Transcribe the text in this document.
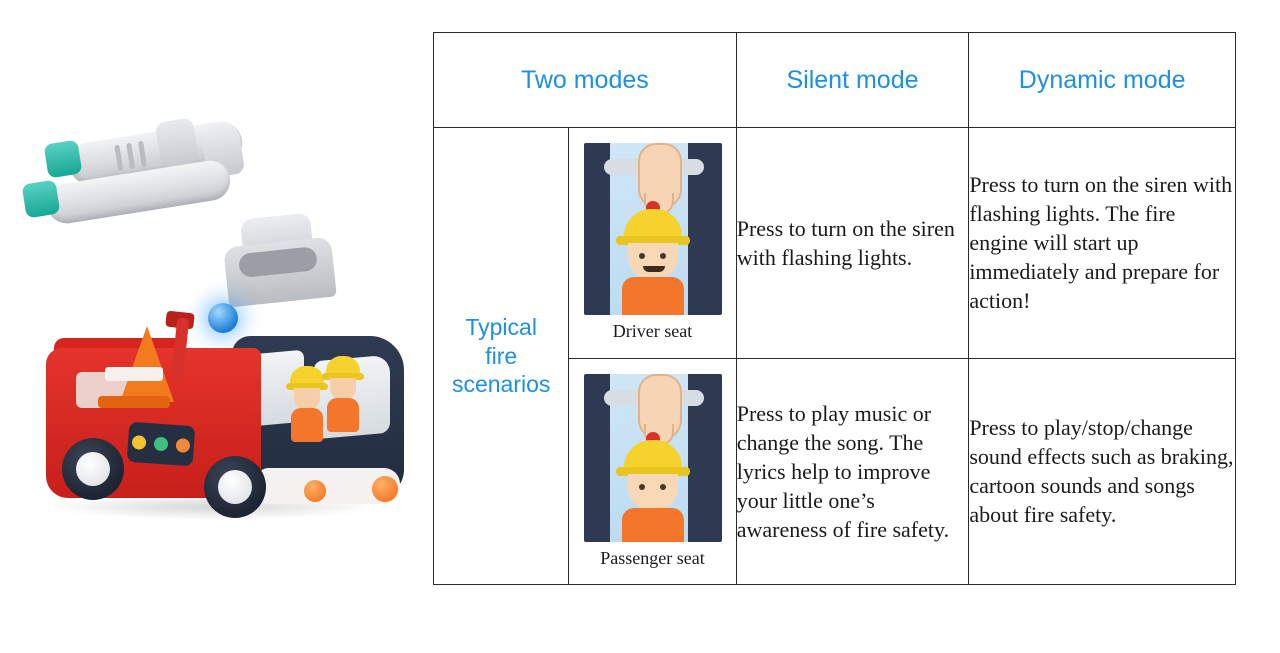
Two modes		Silent mode	Dynamic mode

Typical
fire
scenarios	Driver seat	Press to turn on the siren with flashing lights.	Press to turn on the siren with flashing lights. The fire engine will start up immediately and prepare for action!

	Passenger seat	Press to play music or change the song. The lyrics help to improve your little one’s awareness of fire safety.	Press to play/stop/change sound effects such as braking, cartoon sounds and songs about fire safety.
